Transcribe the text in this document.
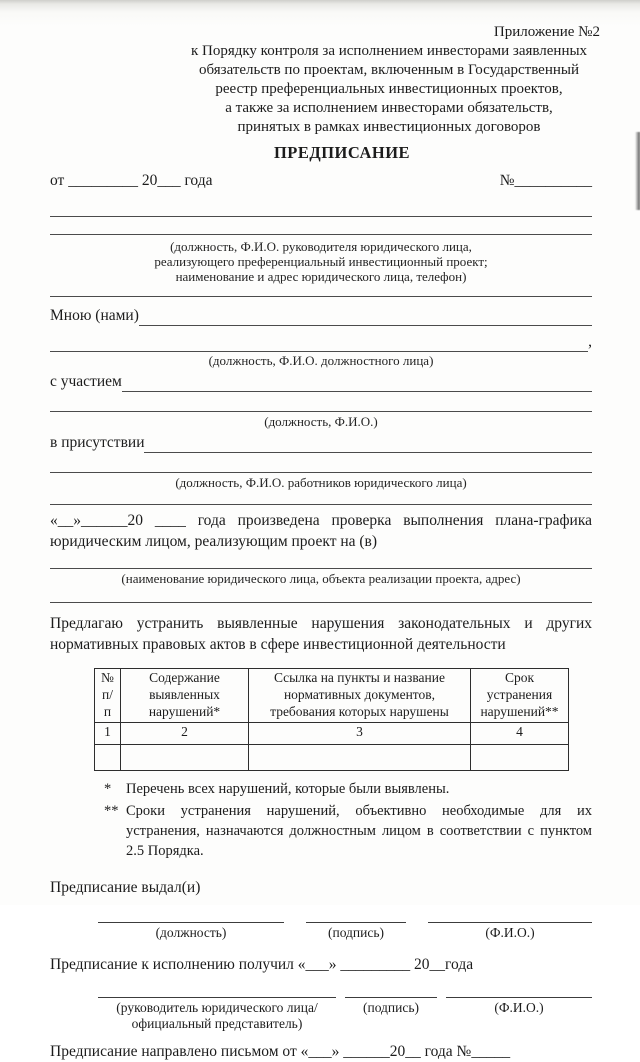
Приложение №2
к Порядку контроля за исполнением инвесторами заявленных
обязательств по проектам, включенным в Государственный
реестр преференциальных инвестиционных проектов,
а также за исполнением инвесторами обязательств,
принятых в рамках инвестиционных договоров
ПРЕДПИСАНИЕ
от _________ 20___ года	№__________
(должность, Ф.И.О. руководителя юридического лица,
реализующего преференциальный инвестиционный проект;
наименование и адрес юридического лица, телефон)
Мною (нами)
,
(должность, Ф.И.О. должностного лица)
с участием
(должность, Ф.И.О.)
в присутствии
(должность, Ф.И.О. работников юридического лица)
«__»______20 ____ года произведена проверка выполнения плана-графика юридическим лицом, реализующим проект на (в)
(наименование юридического лица, объекта реализации проекта, адрес)
Предлагаю устранить выявленные нарушения законодательных и других нормативных правовых актов в сфере инвестиционной деятельности
№ п/п	Содержание выявленных нарушений*	Ссылка на пункты и название нормативных документов, требования которых нарушены	Срок устранения нарушений**
1	2	3	4

*	Перечень всех нарушений, которые были выявлены.
** Сроки устранения нарушений, объективно необходимые для их устранения, назначаются должностным лицом в соответствии с пунктом 2.5 Порядка.
Предписание выдал(и)
(должность)	(подпись)	(Ф.И.О.)
Предписание к исполнению получил «___» _________ 20__года
(руководитель юридического лица/
официальный представитель)
(подпись)	(Ф.И.О.)
Предписание направлено письмом от «___» ______20__ года №_____
